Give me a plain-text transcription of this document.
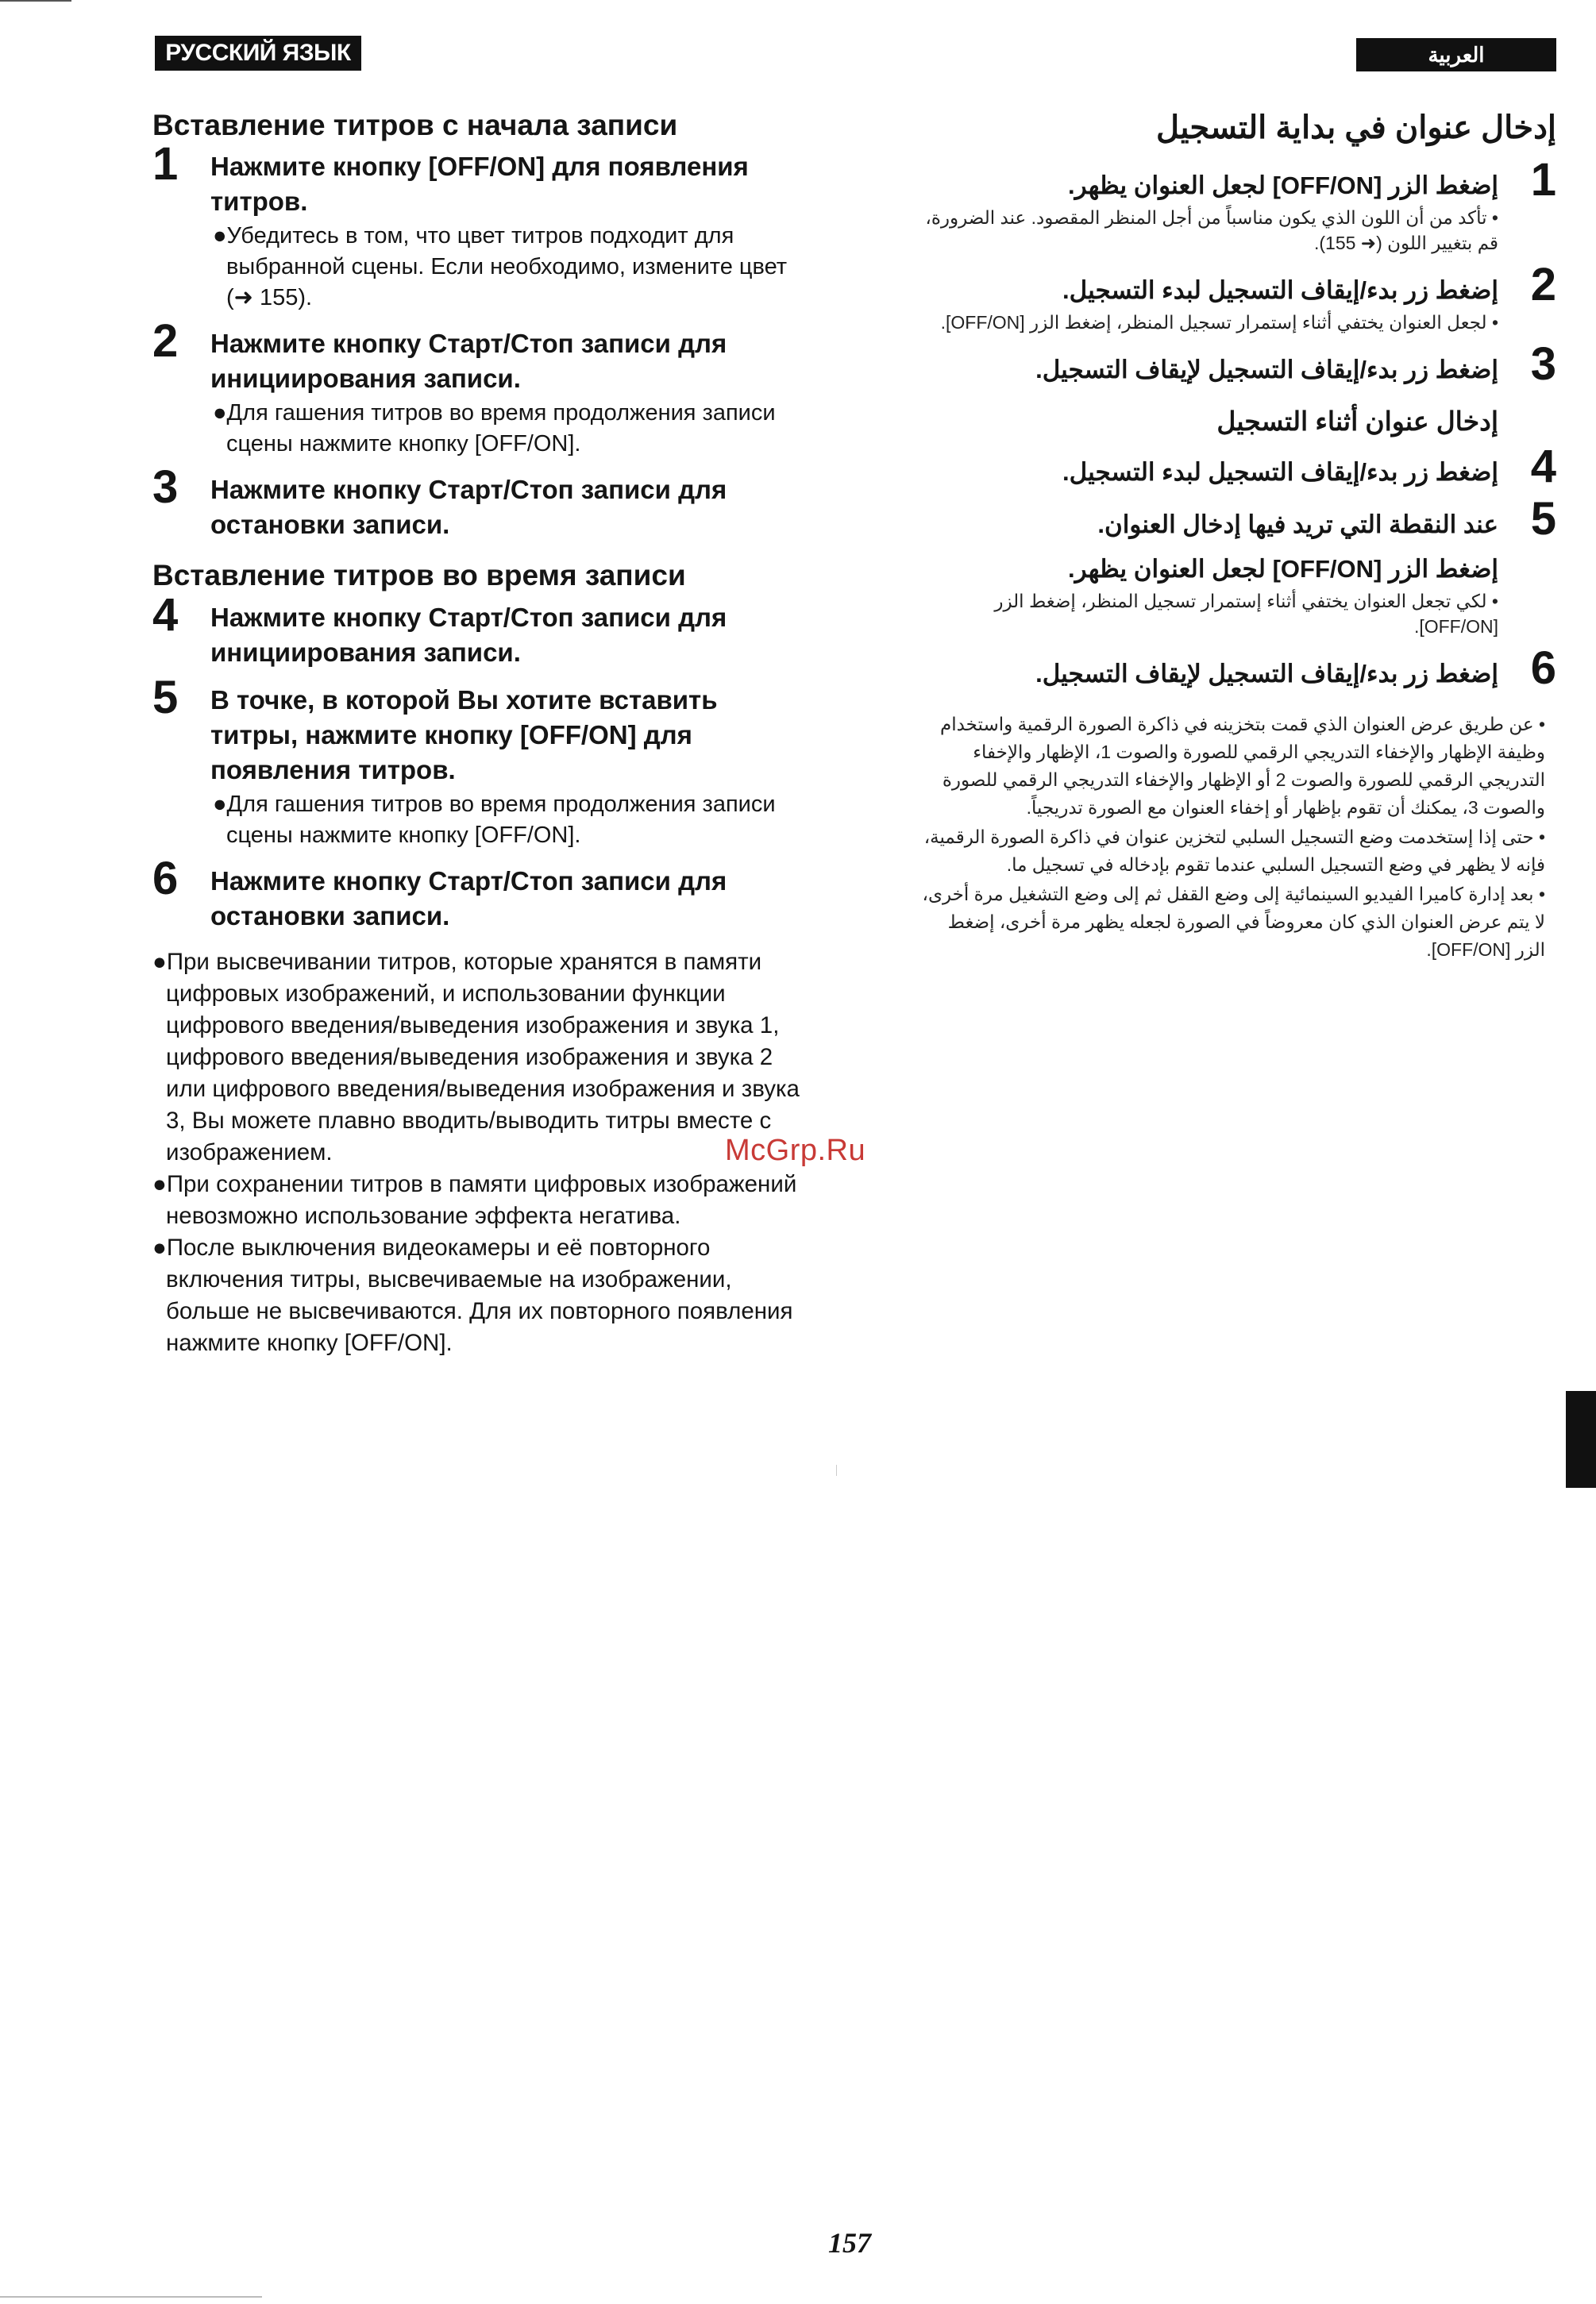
РУССКИЙ ЯЗЫК	العربية
Вставление титров с начала записи
1 Нажмите кнопку [OFF/ON] для появления титров.
●Убедитесь в том, что цвет титров подходит для выбранной сцены. Если необходимо, измените цвет (➜ 155).
2 Нажмите кнопку Старт/Стоп записи для инициирования записи.
●Для гашения титров во время продолжения записи сцены нажмите кнопку [OFF/ON].
3 Нажмите кнопку Старт/Стоп записи для остановки записи.
Вставление титров во время записи
4 Нажмите кнопку Старт/Стоп записи для инициирования записи.
5 В точке, в которой Вы хотите вставить титры, нажмите кнопку [OFF/ON] для появления титров.
●Для гашения титров во время продолжения записи сцены нажмите кнопку [OFF/ON].
6 Нажмите кнопку Старт/Стоп записи для остановки записи.
●При высвечивании титров, которые хранятся в памяти цифровых изображений, и использовании функции цифрового введения/выведения изображения и звука 1, цифрового введения/выведения изображения и звука 2 или цифрового введения/выведения изображения и звука 3, Вы можете плавно вводить/выводить титры вместе с изображением.
●При сохранении титров в памяти цифровых изображений невозможно использование эффекта негатива.
●После выключения видеокамеры и её повторного включения титры, высвечиваемые на изображении, больше не высвечиваются. Для их повторного появления нажмите кнопку [OFF/ON].
إدخال عنوان في بداية التسجيل
1
إضغط الزر [OFF/ON] لجعل العنوان يظهر.
• تأكد من أن اللون الذي يكون مناسباً من أجل المنظر المقصود. عند الضرورة، قم بتغيير اللون (➜ 155).
2
إضغط زر بدء/إيقاف التسجيل لبدء التسجيل.
• لجعل العنوان يختفي أثناء إستمرار تسجيل المنظر، إضغط الزر [OFF/ON].
3
إضغط زر بدء/إيقاف التسجيل لإيقاف التسجيل.
إدخال عنوان أثناء التسجيل
4
إضغط زر بدء/إيقاف التسجيل لبدء التسجيل.
5
عند النقطة التي تريد فيها إدخال العنوان.
إضغط الزر [OFF/ON] لجعل العنوان يظهر.
• لكي تجعل العنوان يختفي أثناء إستمرار تسجيل المنظر، إضغط الزر [OFF/ON].
6
إضغط زر بدء/إيقاف التسجيل لإيقاف التسجيل.
• عن طريق عرض العنوان الذي قمت بتخزينه في ذاكرة الصورة الرقمية واستخدام وظيفة الإظهار والإخفاء التدريجي الرقمي للصورة والصوت 1، الإظهار والإخفاء التدريجي الرقمي للصورة والصوت 2 أو الإظهار والإخفاء التدريجي الرقمي للصورة والصوت 3، يمكنك أن تقوم بإظهار أو إخفاء العنوان مع الصورة تدريجياً.
• حتى إذا إستخدمت وضع التسجيل السلبي لتخزين عنوان في ذاكرة الصورة الرقمية، فإنه لا يظهر في وضع التسجيل السلبي عندما تقوم بإدخاله في تسجيل ما.
• بعد إدارة كاميرا الفيديو السينمائية إلى وضع القفل ثم إلى وضع التشغيل مرة أخرى، لا يتم عرض العنوان الذي كان معروضاً في الصورة لجعله يظهر مرة أخرى، إضغط الزر [OFF/ON].
McGrp.Ru
157
